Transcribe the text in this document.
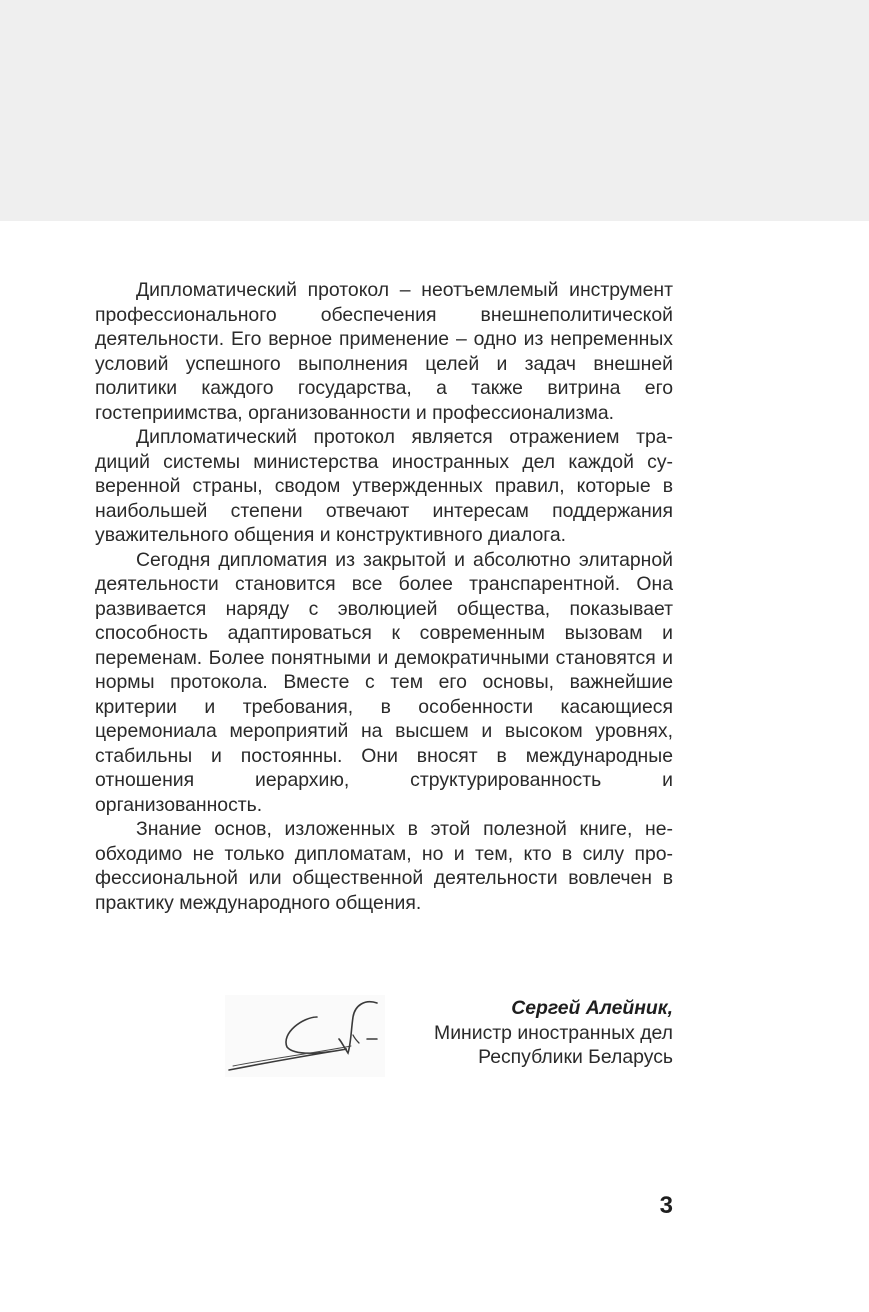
Дипломатический протокол – неотъемлемый инструмент профессионального обеспечения внешнеполитической деятельности. Его верное применение – одно из непременных условий успешного выполнения целей и задач внешней политики каждого государства, а также витрина его гостеприимства, организованности и профессионализма.

Дипломатический протокол является отражением традиций системы министерства иностранных дел каждой суверенной страны, сводом утвержденных правил, которые в наибольшей степени отвечают интересам поддержания уважительного общения и конструктивного диалога.

Сегодня дипломатия из закрытой и абсолютно элитарной деятельности становится все более транспарентной. Она развивается наряду с эволюцией общества, показывает способность адаптироваться к современным вызовам и переменам. Более понятными и демократичными становятся и нормы протокола. Вместе с тем его основы, важнейшие критерии и требования, в особенности касающиеся церемониала мероприятий на высшем и высоком уровнях, стабильны и постоянны. Они вносят в международные отношения иерархию, структурированность и организованность.

Знание основ, изложенных в этой полезной книге, необходимо не только дипломатам, но и тем, кто в силу профессиональной или общественной деятельности вовлечен в практику международного общения.

Сергей Алейник,
Министр иностранных дел
Республики Беларусь
3
